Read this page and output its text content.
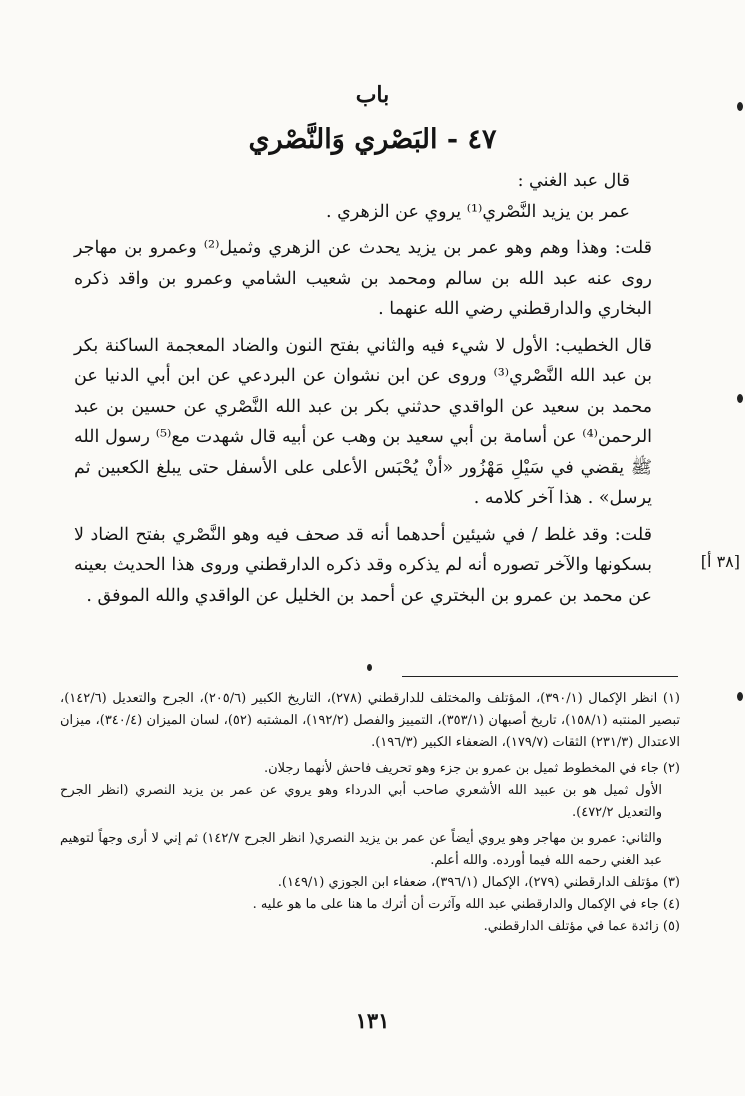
باب
٤٧ - البَصْري وَالنَّصْري

قال عبد الغني :

عمر بن يزيد النَّصْري⁽¹⁾ يروي عن الزهري .

قلت: وهذا وهم وهو عمر بن يزيد يحدث عن الزهري وثميل⁽²⁾ وعمرو بن مهاجر روى عنه عبد الله بن سالم ومحمد بن شعيب الشامي وعمرو بن واقد ذكره البخاري والدارقطني رضي الله عنهما .

قال الخطيب: الأول لا شيء فيه والثاني بفتح النون والضاد المعجمة الساكنة بكر بن عبد الله النَّصْري⁽³⁾ وروى عن ابن نشوان عن البردعي عن ابن أبي الدنيا عن محمد بن سعيد عن الواقدي حدثني بكر بن عبد الله النَّصْري عن حسين بن عبد الرحمن⁽⁴⁾ عن أسامة بن أبي سعيد بن وهب عن أبيه قال شهدت مع⁽⁵⁾ رسول الله ﷺ يقضي في سَيْلِ مَهْزُور «أنْ يُحْبَس الأعلى على الأسفل حتى يبلغ الكعبين ثم يرسل» . هذا آخر كلامه .

قلت: وقد غلط / في شيئين أحدهما أنه قد صحف فيه وهو النَّصْري بفتح الضاد لا بسكونها والآخر تصوره أنه لم يذكره وقد ذكره الدارقطني وروى هذا الحديث بعينه عن محمد بن عمرو بن البختري عن أحمد بن الخليل عن الواقدي والله الموفق .

[٣٨ أ]

(١) انظر الإكمال (٣٩٠/١)، المؤتلف والمختلف للدارقطني (٢٧٨)، التاريخ الكبير (٢٠٥/٦)، الجرح والتعديل (١٤٢/٦)، تبصير المنتبه (١٥٨/١)، تاريخ أصبهان (٣٥٣/١)، التمييز والفصل (١٩٢/٢)، المشتبه (٥٢)، لسان الميزان (٣٤٠/٤)، ميزان الاعتدال (٢٣١/٣) الثقات (١٧٩/٧)، الضعفاء الكبير (١٩٦/٣).

(٢) جاء في المخطوط ثميل بن عمرو بن جزء وهو تحريف فاحش لأنهما رجلان.

الأول ثميل هو بن عبيد الله الأشعري صاحب أبي الدرداء وهو يروي عن عمر بن يزيد النصري (انظر الجرح والتعديل ٤٧٢/٢).

والثاني: عمرو بن مهاجر وهو يروي أيضاً عن عمر بن يزيد النصري( انظر الجرح ١٤٢/٧) ثم إني لا أرى وجهاً لتوهيم عبد الغني رحمه الله فيما أورده. والله أعلم.

(٣) مؤتلف الدارقطني (٢٧٩)، الإكمال (٣٩٦/١)، ضعفاء ابن الجوزي (١٤٩/١).

(٤) جاء في الإكمال والدارقطني عبد الله وآثرت أن أترك ما هنا على ما هو عليه .

(٥) زائدة عما في مؤتلف الدارقطني.

١٣١
